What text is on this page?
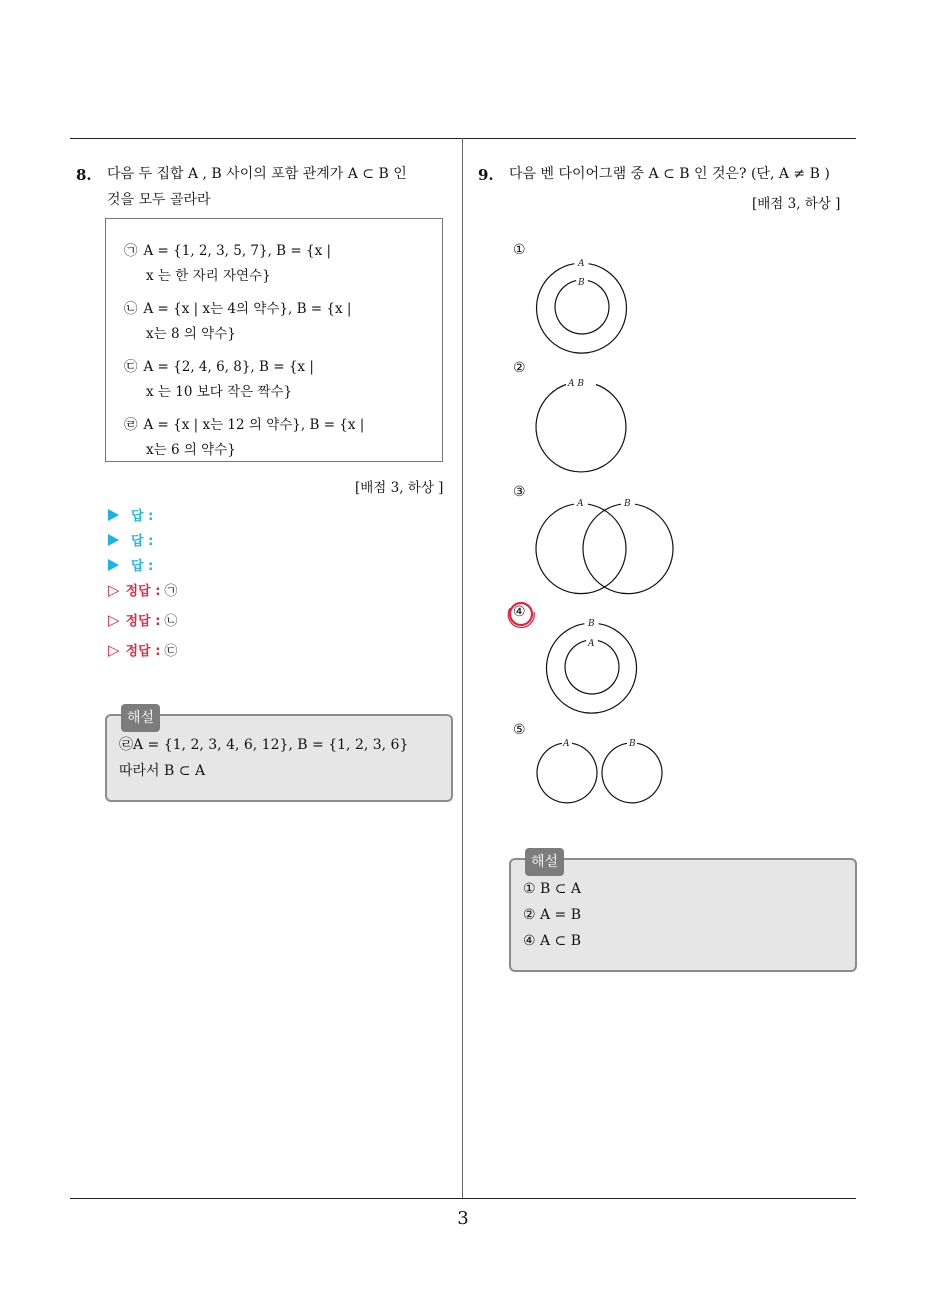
8. 다음 두 집합 A , B 사이의 포함 관계가 A ⊂ B 인
것을 모두 골라라
㉠ A = {1, 2, 3, 5, 7}, B = {x |
x 는 한 자리 자연수}
㉡ A = {x | x는 4의 약수}, B = {x |
x는 8 의 약수}
㉢ A = {2, 4, 6, 8}, B = {x |
x 는 10 보다 작은 짝수}
㉣ A = {x | x는 12 의 약수}, B = {x |
x는 6 의 약수}
[배점 3, 하상 ]
답 :
답 :
답 :
▷ 정답 : ㉠
▷ 정답 : ㉡
▷ 정답 : ㉢
해설
㉣A = {1, 2, 3, 4, 6, 12}, B = {1, 2, 3, 6}
따라서 B ⊂ A
9. 다음 벤 다이어그램 중 A ⊂ B 인 것은? (단, A ≠ B )
[배점 3, 하상 ]
①
②
③
④
⑤
A
B
A B
A	B
B
A
A	B
해설
① B ⊂ A
② A = B
④ A ⊂ B
3
